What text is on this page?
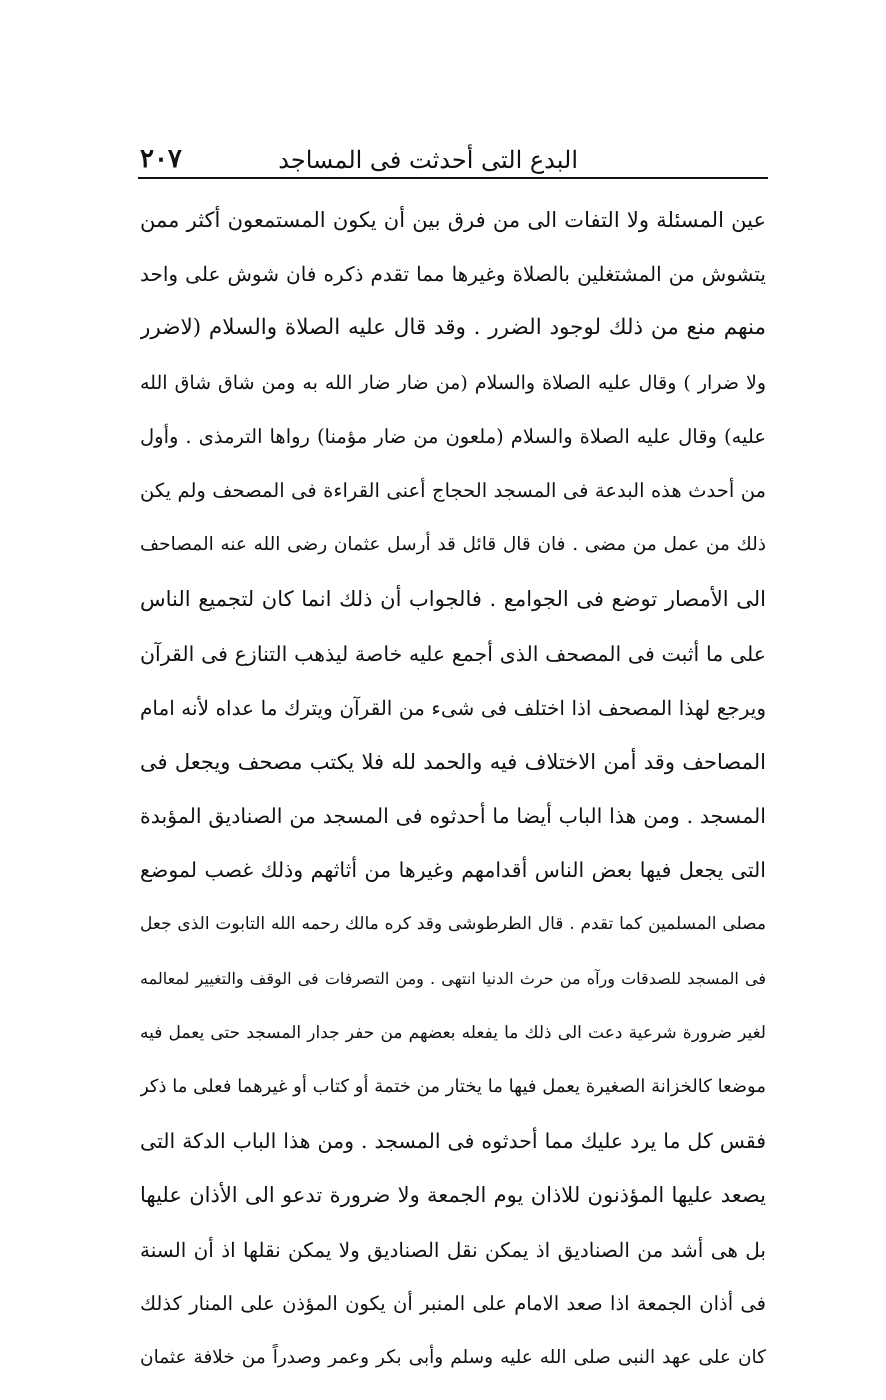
البدع التى أحدثت فى المساجد
٢٠٧
عين المسئلة ولا التفات الى من فرق بين أن يكون المستمعون أكثر ممن
يتشوش من المشتغلين بالصلاة وغيرها مما تقدم ذكره فان شوش على واحد
منهم منع من ذلك لوجود الضرر . وقد قال عليه الصلاة والسلام (لاضرر
ولا ضرار ) وقال عليه الصلاة والسلام (من ضار ضار الله به ومن شاق شاق الله
عليه) وقال عليه الصلاة والسلام (ملعون من ضار مؤمنا) رواها الترمذى . وأول
من أحدث هذه البدعة فى المسجد الحجاج أعنى القراءة فى المصحف ولم يكن
ذلك من عمل من مضى . فان قال قائل قد أرسل عثمان رضى الله عنه المصاحف
الى الأمصار توضع فى الجوامع . فالجواب أن ذلك انما كان لتجميع الناس
على ما أثبت فى المصحف الذى أجمع عليه خاصة ليذهب التنازع فى القرآن
ويرجع لهذا المصحف اذا اختلف فى شىء من القرآن ويترك ما عداه لأنه امام
المصاحف وقد أمن الاختلاف فيه والحمد لله فلا يكتب مصحف ويجعل فى
المسجد . ومن هذا الباب أيضا ما أحدثوه فى المسجد من الصناديق المؤبدة
التى يجعل فيها بعض الناس أقدامهم وغيرها من أثاثهم وذلك غصب لموضع
مصلى المسلمين كما تقدم . قال الطرطوشى وقد كره مالك رحمه الله التابوت الذى جعل
فى المسجد للصدقات ورآه من حرث الدنيا انتهى . ومن التصرفات فى الوقف والتغيير لمعالمه
لغير ضرورة شرعية دعت الى ذلك ما يفعله بعضهم من حفر جدار المسجد حتى يعمل فيه
موضعا كالخزانة الصغيرة يعمل فيها ما يختار من ختمة أو كتاب أو غيرهما فعلى ما ذكر
فقس كل ما يرد عليك مما أحدثوه فى المسجد . ومن هذا الباب الدكة التى
يصعد عليها المؤذنون للاذان يوم الجمعة ولا ضرورة تدعو الى الأذان عليها
بل هى أشد من الصناديق اذ يمكن نقل الصناديق ولا يمكن نقلها اذ أن السنة
فى أذان الجمعة اذا صعد الامام على المنبر أن يكون المؤذن على المنار كذلك
كان على عهد النبى صلى الله عليه وسلم وأبى بكر وعمر وصدراً من خلافة عثمان
